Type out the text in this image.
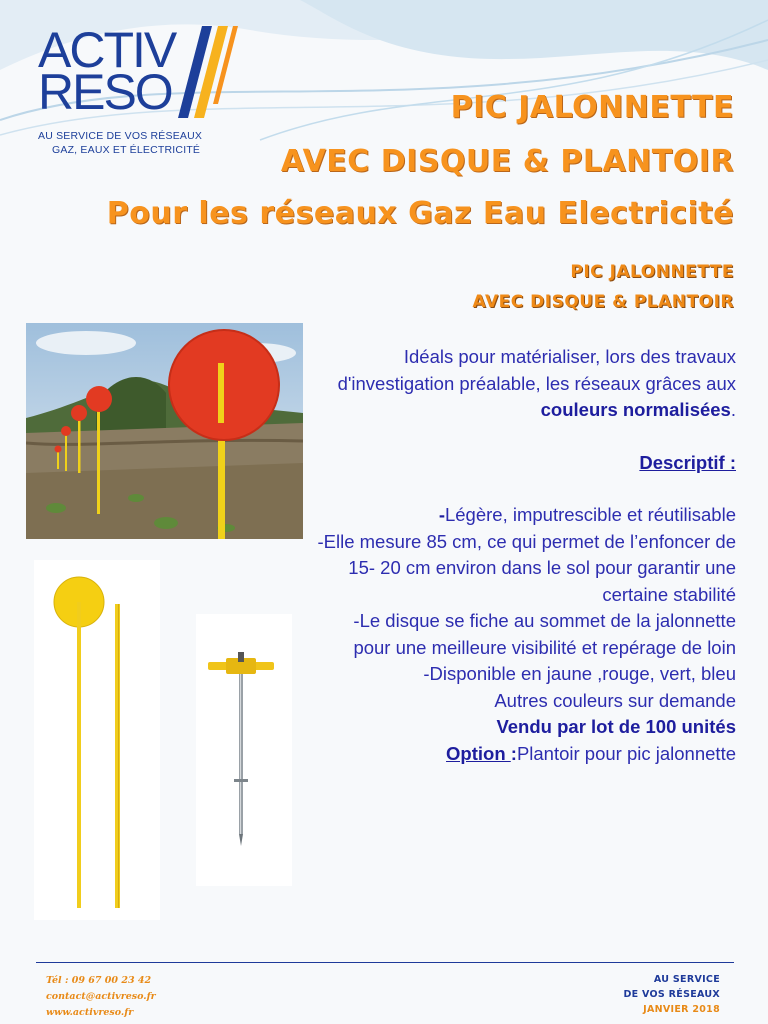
ACTIV
RESO
AU SERVICE DE VOS RÉSEAUX
GAZ, EAUX ET ÉLECTRICITÉ
PIC JALONNETTE
AVEC DISQUE & PLANTOIR
Pour les réseaux Gaz Eau Electricité
PIC JALONNETTE
AVEC DISQUE & PLANTOIR

Idéals pour matérialiser, lors des travaux d'investigation préalable, les réseaux grâces aux couleurs normalisées.

Descriptif :

-Légère, imputrescible et réutilisable

-Elle mesure 85 cm, ce qui permet de l’enfoncer de 15- 20 cm environ dans le sol pour garantir une certaine stabilité

-Le disque se fiche au sommet de la jalonnette pour une meilleure visibilité et repérage de loin

-Disponible en jaune ,rouge, vert, bleu

Autres couleurs sur demande

Vendu par lot de 100 unités

Option :Plantoir pour pic jalonnette

Tél : 09 67 00 23 42
contact@activreso.fr
www.activreso.fr
AU SERVICE
DE VOS RÉSEAUX
JANVIER 2018
